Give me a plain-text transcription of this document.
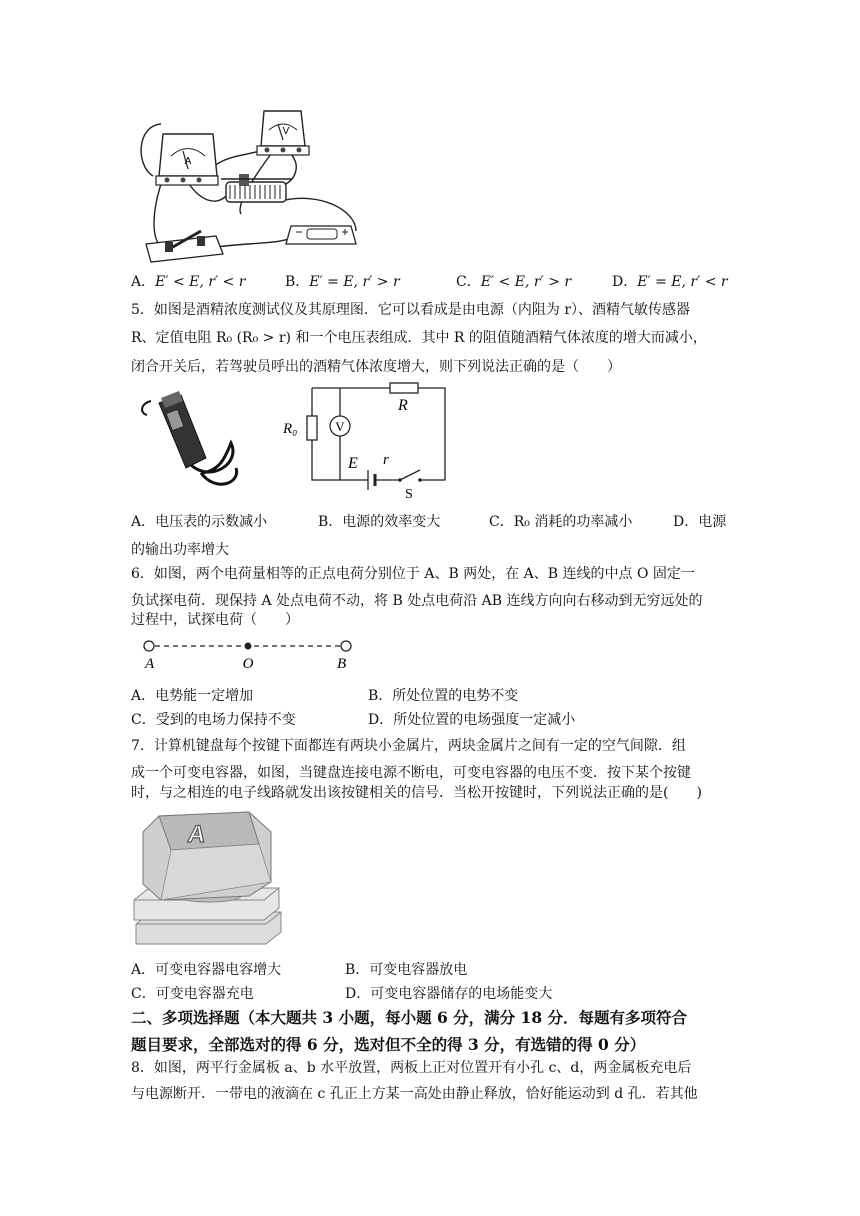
A
V
A．E′ < E, r′ < r	B．E′ = E, r′ > r	C．E′ < E, r′ > r	D．E′ = E, r′ < r
5．如图是酒精浓度测试仪及其原理图．它可以看成是由电源（内阻为 r）、酒精气敏传感器
R、定值电阻 R₀ (R₀ > r) 和一个电压表组成．其中 R 的阻值随酒精气体浓度的增大而减小，
闭合开关后，若驾驶员呼出的酒精气体浓度增大，则下列说法正确的是（　　）
V
R₀
R
E r
S
A．电压表的示数减小	B．电源的效率变大	C．R₀ 消耗的功率减小	D．电源
的输出功率增大
6．如图，两个电荷量相等的正点电荷分别位于 A、B 两处，在 A、B 连线的中点 O 固定一
负试探电荷．现保持 A 处点电荷不动，将 B 处点电荷沿 AB 连线方向向右移动到无穷远处的
过程中，试探电荷（　　）
A	O	B
A．电势能一定增加	B．所处位置的电势不变
C．受到的电场力保持不变	D．所处位置的电场强度一定减小
7．计算机键盘每个按键下面都连有两块小金属片，两块金属片之间有一定的空气间隙．组
成一个可变电容器，如图，当键盘连接电源不断电，可变电容器的电压不变．按下某个按键
时，与之相连的电子线路就发出该按键相关的信号．当松开按键时，下列说法正确的是(　　)
A
A．可变电容器电容增大	B．可变电容器放电
C．可变电容器充电	D．可变电容器储存的电场能变大
二、多项选择题（本大题共 3 小题，每小题 6 分，满分 18 分．每题有多项符合
题目要求，全部选对的得 6 分，选对但不全的得 3 分，有选错的得 0 分）
8．如图，两平行金属板 a、b 水平放置，两板上正对位置开有小孔 c、d，两金属板充电后
与电源断开．一带电的液滴在 c 孔正上方某一高处由静止释放，恰好能运动到 d 孔．若其他
